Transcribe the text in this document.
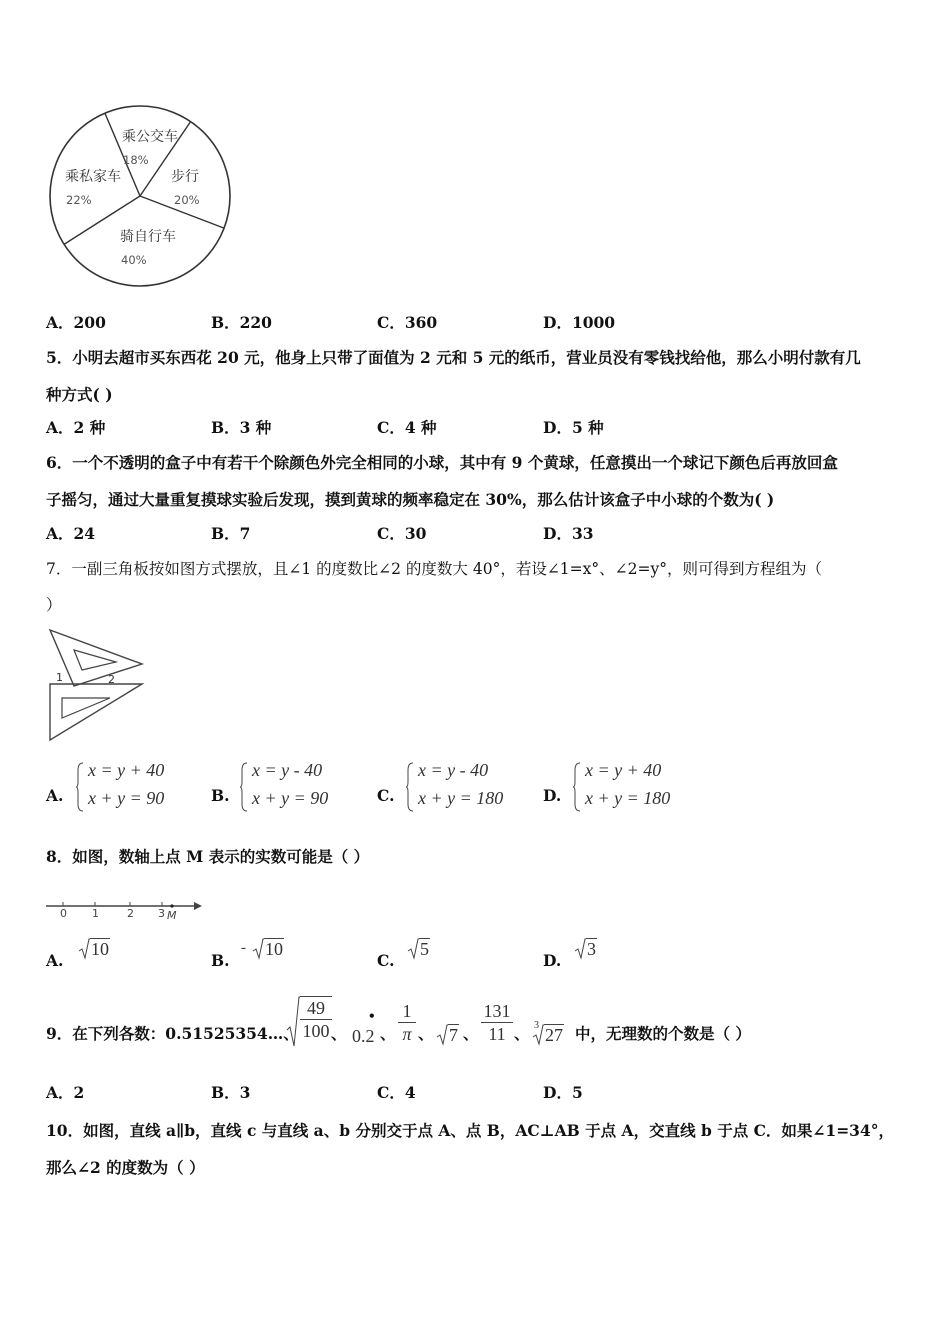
乘公交车
18%
步行
20%
骑自行车
40%
乘私家车
22%
A．200	B．220	C．360	D．1000
5．小明去超市买东西花 20 元，他身上只带了面值为 2 元和 5 元的纸币，营业员没有零钱找给他，那么小明付款有几
种方式( )
A．2 种	B．3 种	C．4 种	D．5 种
6．一个不透明的盒子中有若干个除颜色外完全相同的小球，其中有 9 个黄球，任意摸出一个球记下颜色后再放回盒
子摇匀，通过大量重复摸球实验后发现，摸到黄球的频率稳定在 30%，那么估计该盒子中小球的个数为( )
A．24	B．7	C．30	D．33
7．一副三角板按如图方式摆放，且∠1 的度数比∠2 的度数大 40°，若设∠1=x°、∠2=y°，则可得到方程组为（
）
1	2
A.	B.	C.	D.
x = y + 40
x + y = 90
x = y - 40
x + y = 90
x = y - 40
x + y = 180
x = y + 40
x + y = 180
8．如图，数轴上点 M 表示的实数可能是（ ）
0 1	2 3 M
A.	B.	C.	D.
10	- 10	5	3
9．在下列各数：0.51525354…、
49
100 、
•
0.2 、
1
π 、 7 、
131
11 、 3 27 中，无理数的个数是（ ）
A．2	B．3	C．4	D．5
10．如图，直线 a∥b，直线 c 与直线 a、b 分别交于点 A、点 B，AC⊥AB 于点 A，交直线 b 于点 C．如果∠1=34°，
那么∠2 的度数为（ ）
